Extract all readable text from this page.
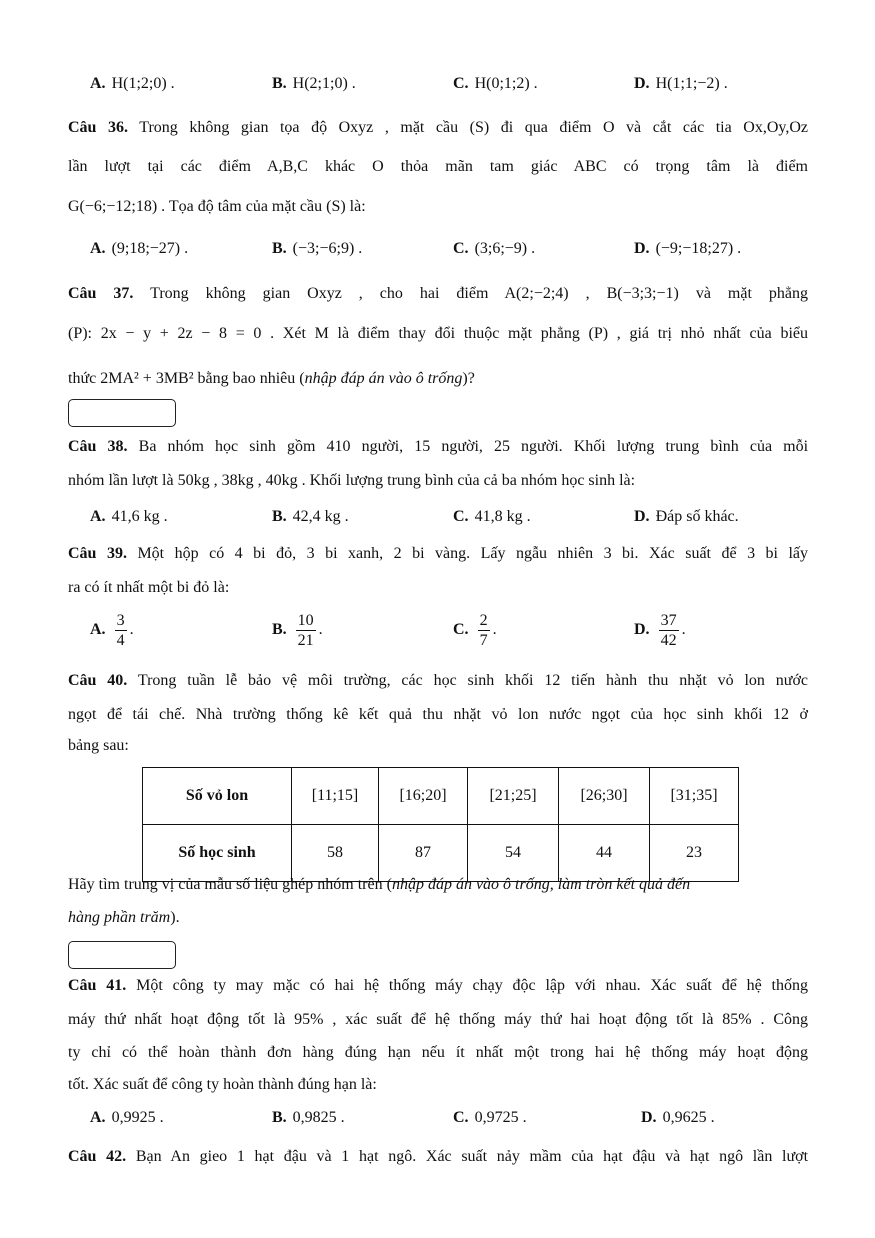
A. H(1;2;0) .	B. H(2;1;0) .	C. H(0;1;2) .	D. H(1;1;−2) .
Câu 36. Trong không gian tọa độ Oxyz , mặt cầu (S) đi qua điểm O và cắt các tia Ox,Oy,Oz
lần lượt tại các điểm A,B,C khác O thỏa mãn tam giác ABC có trọng tâm là điểm
G(−6;−12;18) . Tọa độ tâm của mặt cầu (S) là:
A. (9;18;−27) .	B. (−3;−6;9) .	C. (3;6;−9) .	D. (−9;−18;27) .
Câu 37. Trong không gian Oxyz , cho hai điểm A(2;−2;4) , B(−3;3;−1) và mặt phẳng
(P): 2x − y + 2z − 8 = 0 . Xét M là điểm thay đổi thuộc mặt phẳng (P) , giá trị nhỏ nhất của biểu
thức 2MA² + 3MB² bằng bao nhiêu (nhập đáp án vào ô trống)?
Câu 38. Ba nhóm học sinh gồm 410 người, 15 người, 25 người. Khối lượng trung bình của mỗi
nhóm lần lượt là 50kg , 38kg , 40kg . Khối lượng trung bình của cả ba nhóm học sinh là:
A. 41,6 kg .	B. 42,4 kg .	C. 41,8 kg .	D. Đáp số khác.
Câu 39. Một hộp có 4 bi đỏ, 3 bi xanh, 2 bi vàng. Lấy ngẫu nhiên 3 bi. Xác suất để 3 bi lấy
ra có ít nhất một bi đỏ là:
A. $\frac{3}{4}$ .	B. $\frac{10}{21}$ .	C. $\frac{2}{7}$ .	D. $\frac{37}{42}$ .
Câu 40. Trong tuần lễ bảo vệ môi trường, các học sinh khối 12 tiến hành thu nhặt vỏ lon nước
ngọt để tái chế. Nhà trường thống kê kết quả thu nhặt vỏ lon nước ngọt của học sinh khối 12 ở
bảng sau:
Số vỏ lon	[11;15]	[16;20]	[21;25]	[26;30]	[31;35]
Số học sinh	58	87	54	44	23
Hãy tìm trung vị của mẫu số liệu ghép nhóm trên (nhập đáp án vào ô trống, làm tròn kết quả đến
hàng phần trăm).
Câu 41. Một công ty may mặc có hai hệ thống máy chạy độc lập với nhau. Xác suất để hệ thống
máy thứ nhất hoạt động tốt là 95% , xác suất để hệ thống máy thứ hai hoạt động tốt là 85% . Công
ty chỉ có thể hoàn thành đơn hàng đúng hạn nếu ít nhất một trong hai hệ thống máy hoạt động
tốt. Xác suất để công ty hoàn thành đúng hạn là:
A. 0,9925 .	B. 0,9825 .	C. 0,9725 .	D. 0,9625 .
Câu 42. Bạn An gieo 1 hạt đậu và 1 hạt ngô. Xác suất nảy mầm của hạt đậu và hạt ngô lần lượt
